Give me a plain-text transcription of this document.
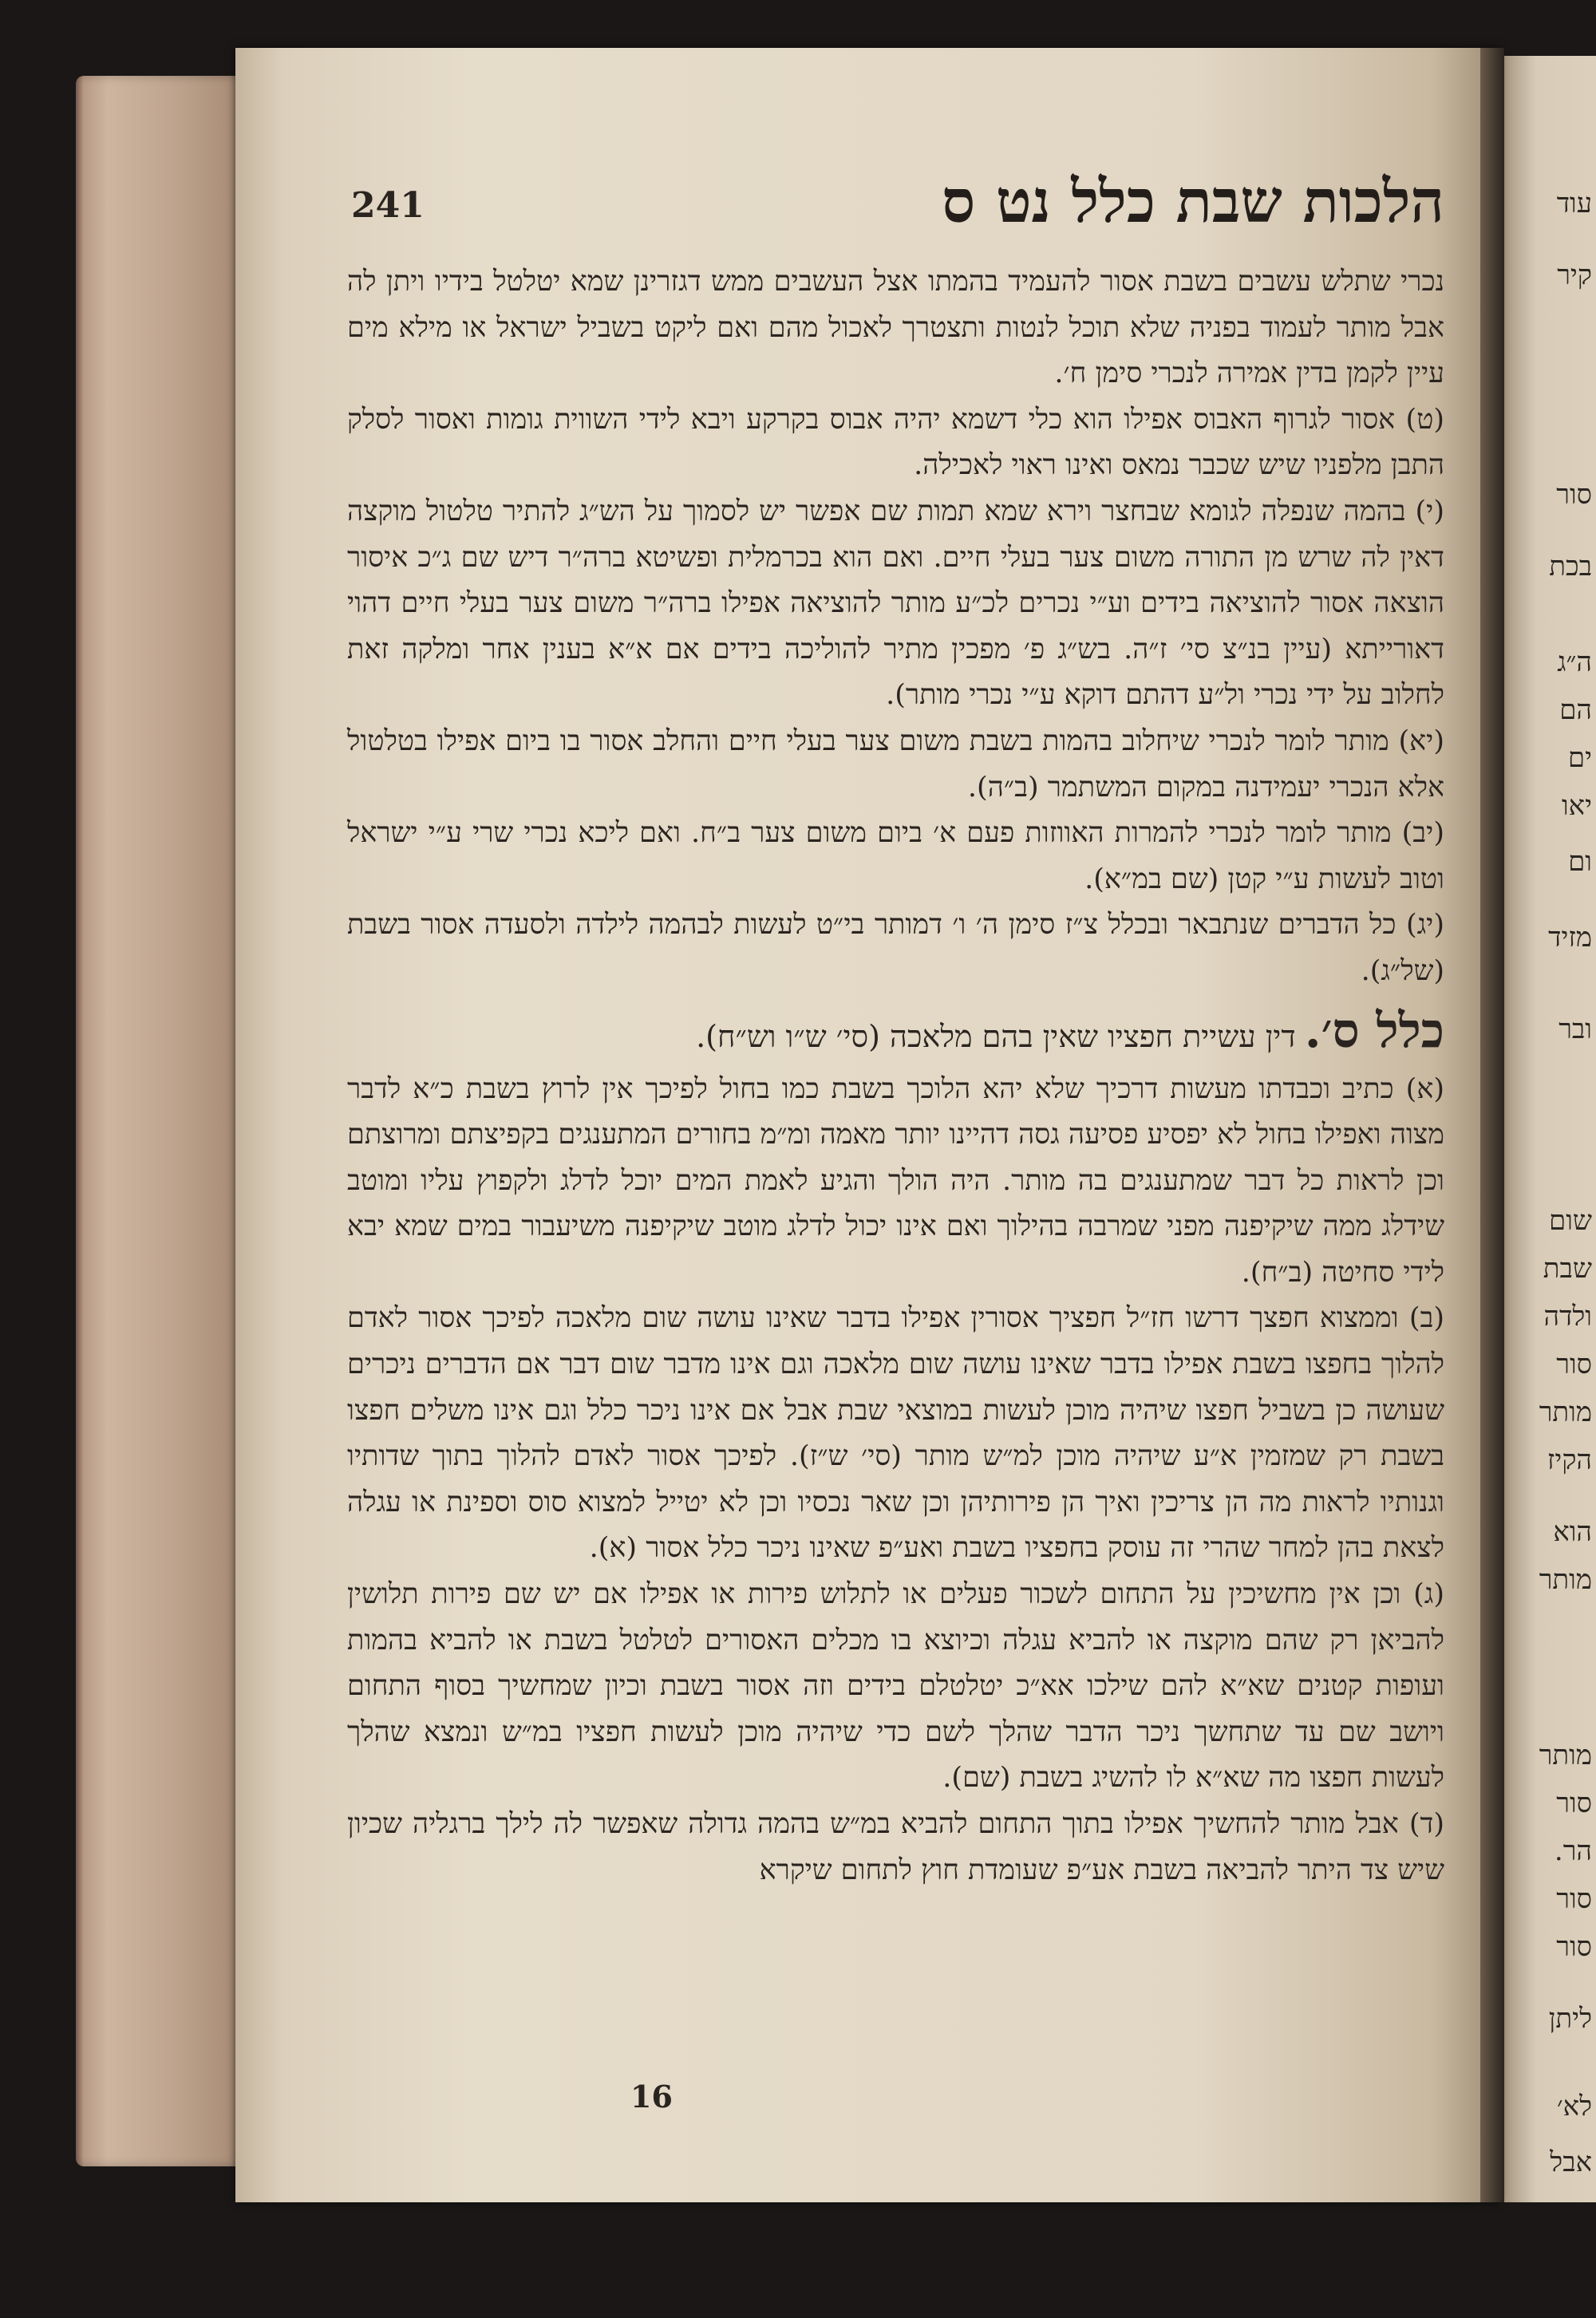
עוד
קיר
סור
בכת
ה״ג
הם
ים
יאו
ום
מזיד
ובר
שום
שבת
ולדה
סור
מותר
הקיז
הוא
מותר
מותר
סור
הר.
סור
סור
ליתן
לא׳
אבל
241	הלכות שבת כלל נט ס

נכרי שתלש עשבים בשבת אסור להעמיד בהמתו אצל העשבים ממש דגזרינן שמא יטלטל בידיו ויתן לה אבל מותר לעמוד בפניה שלא תוכל לנטות ותצטרך לאכול מהם ואם ליקט בשביל ישראל או מילא מים עיין לקמן בדין אמירה לנכרי סימן ח׳.

(ט) אסור לגרוף האבוס אפילו הוא כלי דשמא יהיה אבוס בקרקע ויבא לידי השווית גומות ואסור לסלק התבן מלפניו שיש שכבר נמאס ואינו ראוי לאכילה.

(י) בהמה שנפלה לגומא שבחצר וירא שמא תמות שם אפשר יש לסמוך על הש״ג להתיר טלטול מוקצה דאין לה שרש מן התורה משום צער בעלי חיים. ואם הוא בכרמלית ופשיטא ברה״ר דיש שם ג״כ איסור הוצאה אסור להוציאה בידים וע״י נכרים לכ״ע מותר להוציאה אפילו ברה״ר משום צער בעלי חיים דהוי דאורייתא (עיין בנ״צ סי׳ ז״ה. בש״ג פ׳ מפכין מתיר להוליכה בידים אם א״א בענין אחר ומלקה זאת לחלוב על ידי נכרי ול״ע דהתם דוקא ע״י נכרי מותר).

(יא) מותר לומר לנכרי שיחלוב בהמות בשבת משום צער בעלי חיים והחלב אסור בו ביום אפילו בטלטול אלא הנכרי יעמידנה במקום המשתמר (ב״ה).

(יב) מותר לומר לנכרי להמרות האווזות פעם א׳ ביום משום צער ב״ח. ואם ליכא נכרי שרי ע״י ישראל וטוב לעשות ע״י קטן (שם במ״א).

(יג) כל הדברים שנתבאר ובכלל צ״ז סימן ה׳ ו׳ דמותר בי״ט לעשות לבהמה לילדה ולסעדה אסור בשבת (של״ג).

כלל ס׳. דין עשיית חפציו שאין בהם מלאכה (סי׳ ש״ו וש״ח).

(א) כתיב וכבדתו מעשות דרכיך שלא יהא הלוכך בשבת כמו בחול לפיכך אין לרוץ בשבת כ״א לדבר מצוה ואפילו בחול לא יפסיע פסיעה גסה דהיינו יותר מאמה ומ״מ בחורים המתענגים בקפיצתם ומרוצתם וכן לראות כל דבר שמתענגים בה מותר. היה הולך והגיע לאמת המים יוכל לדלג ולקפוץ עליו ומוטב שידלג ממה שיקיפנה מפני שמרבה בהילוך ואם אינו יכול לדלג מוטב שיקיפנה משיעבור במים שמא יבא לידי סחיטה (ב״ח).

(ב) וממצוא חפצך דרשו חז״ל חפציך אסורין אפילו בדבר שאינו עושה שום מלאכה לפיכך אסור לאדם להלוך בחפצו בשבת אפילו בדבר שאינו עושה שום מלאכה וגם אינו מדבר שום דבר אם הדברים ניכרים שעושה כן בשביל חפצו שיהיה מוכן לעשות במוצאי שבת אבל אם אינו ניכר כלל וגם אינו משלים חפצו בשבת רק שמזמין א״ע שיהיה מוכן למ״ש מותר (סי׳ ש״ז). לפיכך אסור לאדם להלוך בתוך שדותיו וגנותיו לראות מה הן צריכין ואיך הן פירותיהן וכן שאר נכסיו וכן לא יטייל למצוא סוס וספינת או עגלה לצאת בהן למחר שהרי זה עוסק בחפציו בשבת ואע״פ שאינו ניכר כלל אסור (א).

(ג) וכן אין מחשיכין על התחום לשכור פעלים או לתלוש פירות או אפילו אם יש שם פירות תלושין להביאן רק שהם מוקצה או להביא עגלה וכיוצא בו מכלים האסורים לטלטל בשבת או להביא בהמות ועופות קטנים שא״א להם שילכו אא״כ יטלטלם בידים וזה אסור בשבת וכיון שמחשיך בסוף התחום ויושב שם עד שתחשך ניכר הדבר שהלך לשם כדי שיהיה מוכן לעשות חפציו במ״ש ונמצא שהלך לעשות חפצו מה שא״א לו להשיג בשבת (שם).

(ד) אבל מותר להחשיך אפילו בתוך התחום להביא במ״ש בהמה גדולה שאפשר לה לילך ברגליה שכיון שיש צד היתר להביאה בשבת אע״פ שעומדת חוץ לתחום שיקרא

16
